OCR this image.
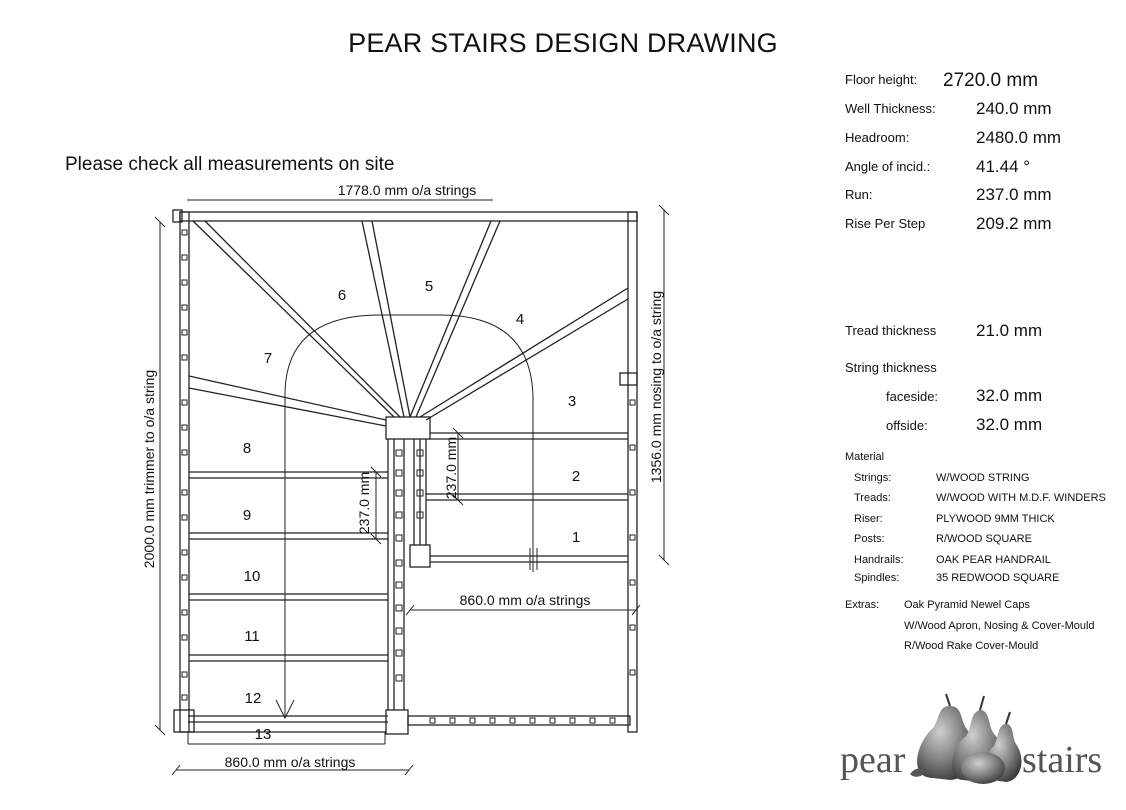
PEAR STAIRS DESIGN DRAWING
Please check all measurements on site
1778.0 mm o/a strings
2000.0 mm trimmer to o/a string	1356.0 mm nosing to o/a string
860.0 mm o/a strings
860.0 mm o/a strings
237.0 mm
237.0 mm
1
2
3
4
5
6
7
8
9
10
11
12
13
Floor height: 2720.0 mm
Well Thickness: 240.0 mm
Headroom:	2480.0 mm
Angle of incid.:	41.44 °
Run:	237.0 mm
Rise Per Step	209.2 mm
Tread thickness 21.0 mm
String thickness
faceside: 32.0 mm
offside:	32.0 mm
Material
Strings:	W/WOOD STRING
Treads:	W/WOOD WITH M.D.F. WINDERS
Riser:	PLYWOOD 9MM THICK
Posts:	R/WOOD SQUARE
Handrails:	OAK PEAR HANDRAIL
Spindles:	35 REDWOOD SQUARE
Extras: Oak Pyramid Newel Caps
W/Wood Apron, Nosing & Cover-Mould
R/Wood Rake Cover-Mould
pear	stairs
